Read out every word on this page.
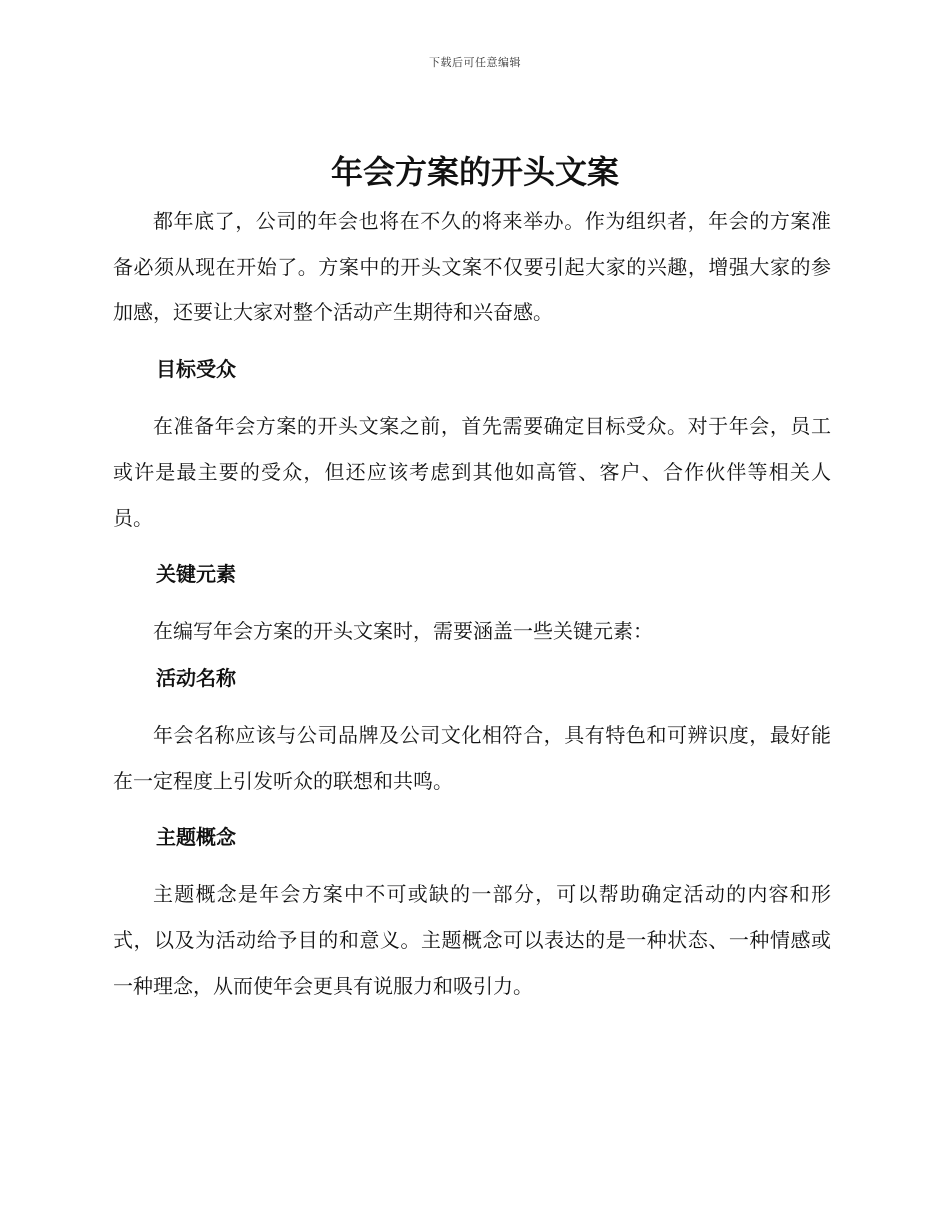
下载后可任意编辑
年会方案的开头文案

都年底了，公司的年会也将在不久的将来举办。作为组织者，年会的方案准备必须从现在开始了。方案中的开头文案不仅要引起大家的兴趣，增强大家的参加感，还要让大家对整个活动产生期待和兴奋感。

目标受众

在准备年会方案的开头文案之前，首先需要确定目标受众。对于年会，员工或许是最主要的受众，但还应该考虑到其他如高管、客户、合作伙伴等相关人员。

关键元素

在编写年会方案的开头文案时，需要涵盖一些关键元素：

活动名称

年会名称应该与公司品牌及公司文化相符合，具有特色和可辨识度，最好能在一定程度上引发听众的联想和共鸣。

主题概念

主题概念是年会方案中不可或缺的一部分，可以帮助确定活动的内容和形式，以及为活动给予目的和意义。主题概念可以表达的是一种状态、一种情感或一种理念，从而使年会更具有说服力和吸引力。
